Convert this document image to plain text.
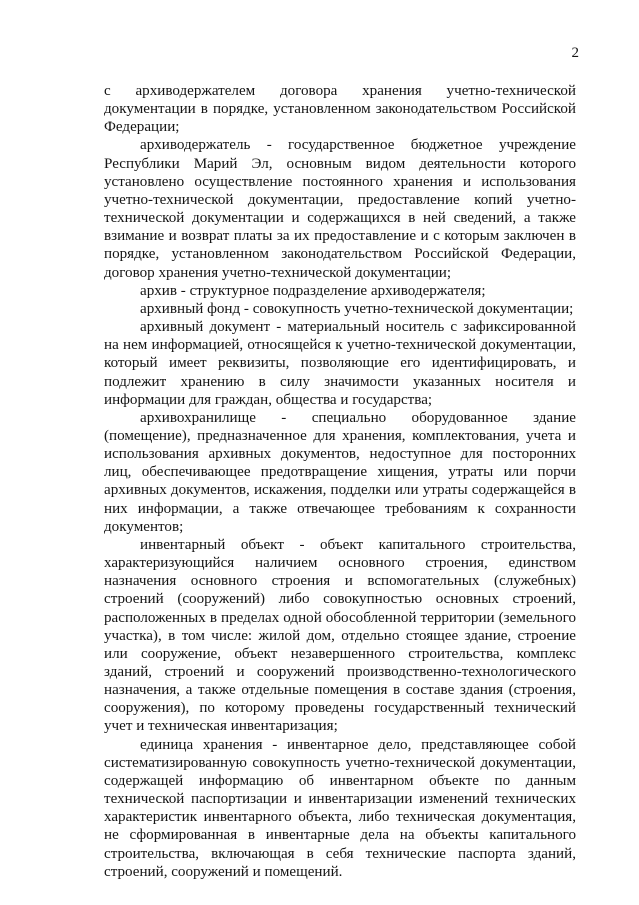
2

с архиводержателем договора хранения учетно-технической документации в порядке, установленном законодательством Российской Федерации;

архиводержатель - государственное бюджетное учреждение Республики Марий Эл, основным видом деятельности которого установлено осуществление постоянного хранения и использования учетно-технической документации, предоставление копий учетно-технической документации и содержащихся в ней сведений, а также взимание и возврат платы за их предоставление и с которым заключен в порядке, установленном законодательством Российской Федерации, договор хранения учетно-технической документации;

архив - структурное подразделение архиводержателя;

архивный фонд - совокупность учетно-технической документации;

архивный документ - материальный носитель с зафиксированной на нем информацией, относящейся к учетно-технической документации, который имеет реквизиты, позволяющие его идентифицировать, и подлежит хранению в силу значимости указанных носителя и информации для граждан, общества и государства;

архивохранилище - специально оборудованное здание (помещение), предназначенное для хранения, комплектования, учета и использования архивных документов, недоступное для посторонних лиц, обеспечивающее предотвращение хищения, утраты или порчи архивных документов, искажения, подделки или утраты содержащейся в них информации, а также отвечающее требованиям к сохранности документов;

инвентарный объект - объект капитального строительства, характеризующийся наличием основного строения, единством назначения основного строения и вспомогательных (служебных) строений (сооружений) либо совокупностью основных строений, расположенных в пределах одной обособленной территории (земельного участка), в том числе: жилой дом, отдельно стоящее здание, строение или сооружение, объект незавершенного строительства, комплекс зданий, строений и сооружений производственно-технологического назначения, а также отдельные помещения в составе здания (строения, сооружения), по которому проведены государственный технический учет и техническая инвентаризация;

единица хранения - инвентарное дело, представляющее собой систематизированную совокупность учетно-технической документации, содержащей информацию об инвентарном объекте по данным технической паспортизации и инвентаризации изменений технических характеристик инвентарного объекта, либо техническая документация, не сформированная в инвентарные дела на объекты капитального строительства, включающая в себя технические паспорта зданий, строений, сооружений и помещений.
